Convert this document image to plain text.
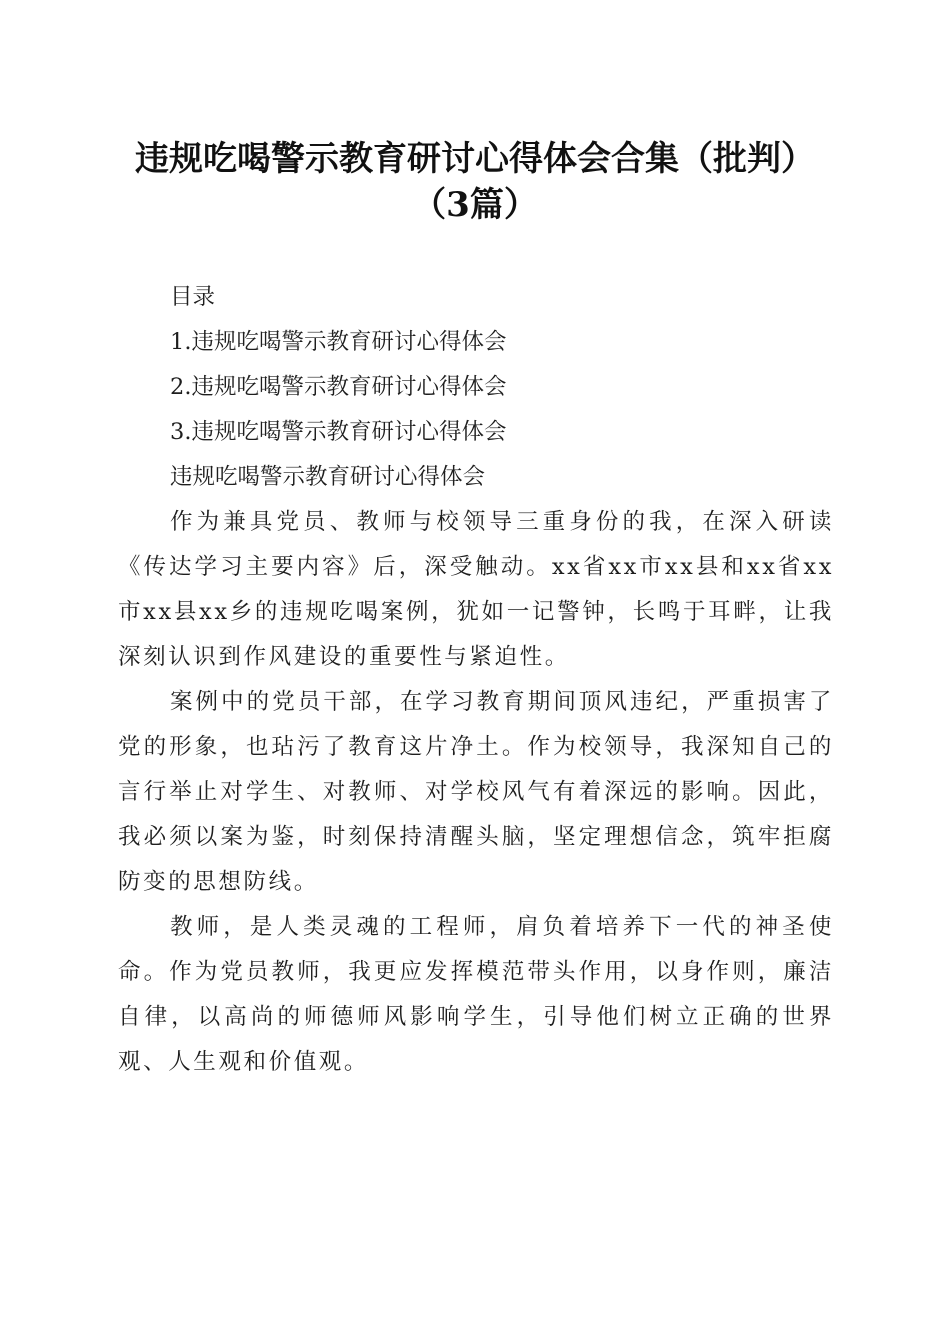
违规吃喝警示教育研讨心得体会合集（批判）
（3篇）
目录
1.违规吃喝警示教育研讨心得体会
2.违规吃喝警示教育研讨心得体会
3.违规吃喝警示教育研讨心得体会
违规吃喝警示教育研讨心得体会

作为兼具党员、教师与校领导三重身份的我，在深入研读《传达学习主要内容》后，深受触动。xx省xx市xx县和xx省xx市xx县xx乡的违规吃喝案例，犹如一记警钟，长鸣于耳畔，让我深刻认识到作风建设的重要性与紧迫性。

案例中的党员干部，在学习教育期间顶风违纪，严重损害了党的形象，也玷污了教育这片净土。作为校领导，我深知自己的言行举止对学生、对教师、对学校风气有着深远的影响。因此，我必须以案为鉴，时刻保持清醒头脑，坚定理想信念，筑牢拒腐防变的思想防线。

教师，是人类灵魂的工程师，肩负着培养下一代的神圣使命。作为党员教师，我更应发挥模范带头作用，以身作则，廉洁自律，以高尚的师德师风影响学生，引导他们树立正确的世界观、人生观和价值观。
